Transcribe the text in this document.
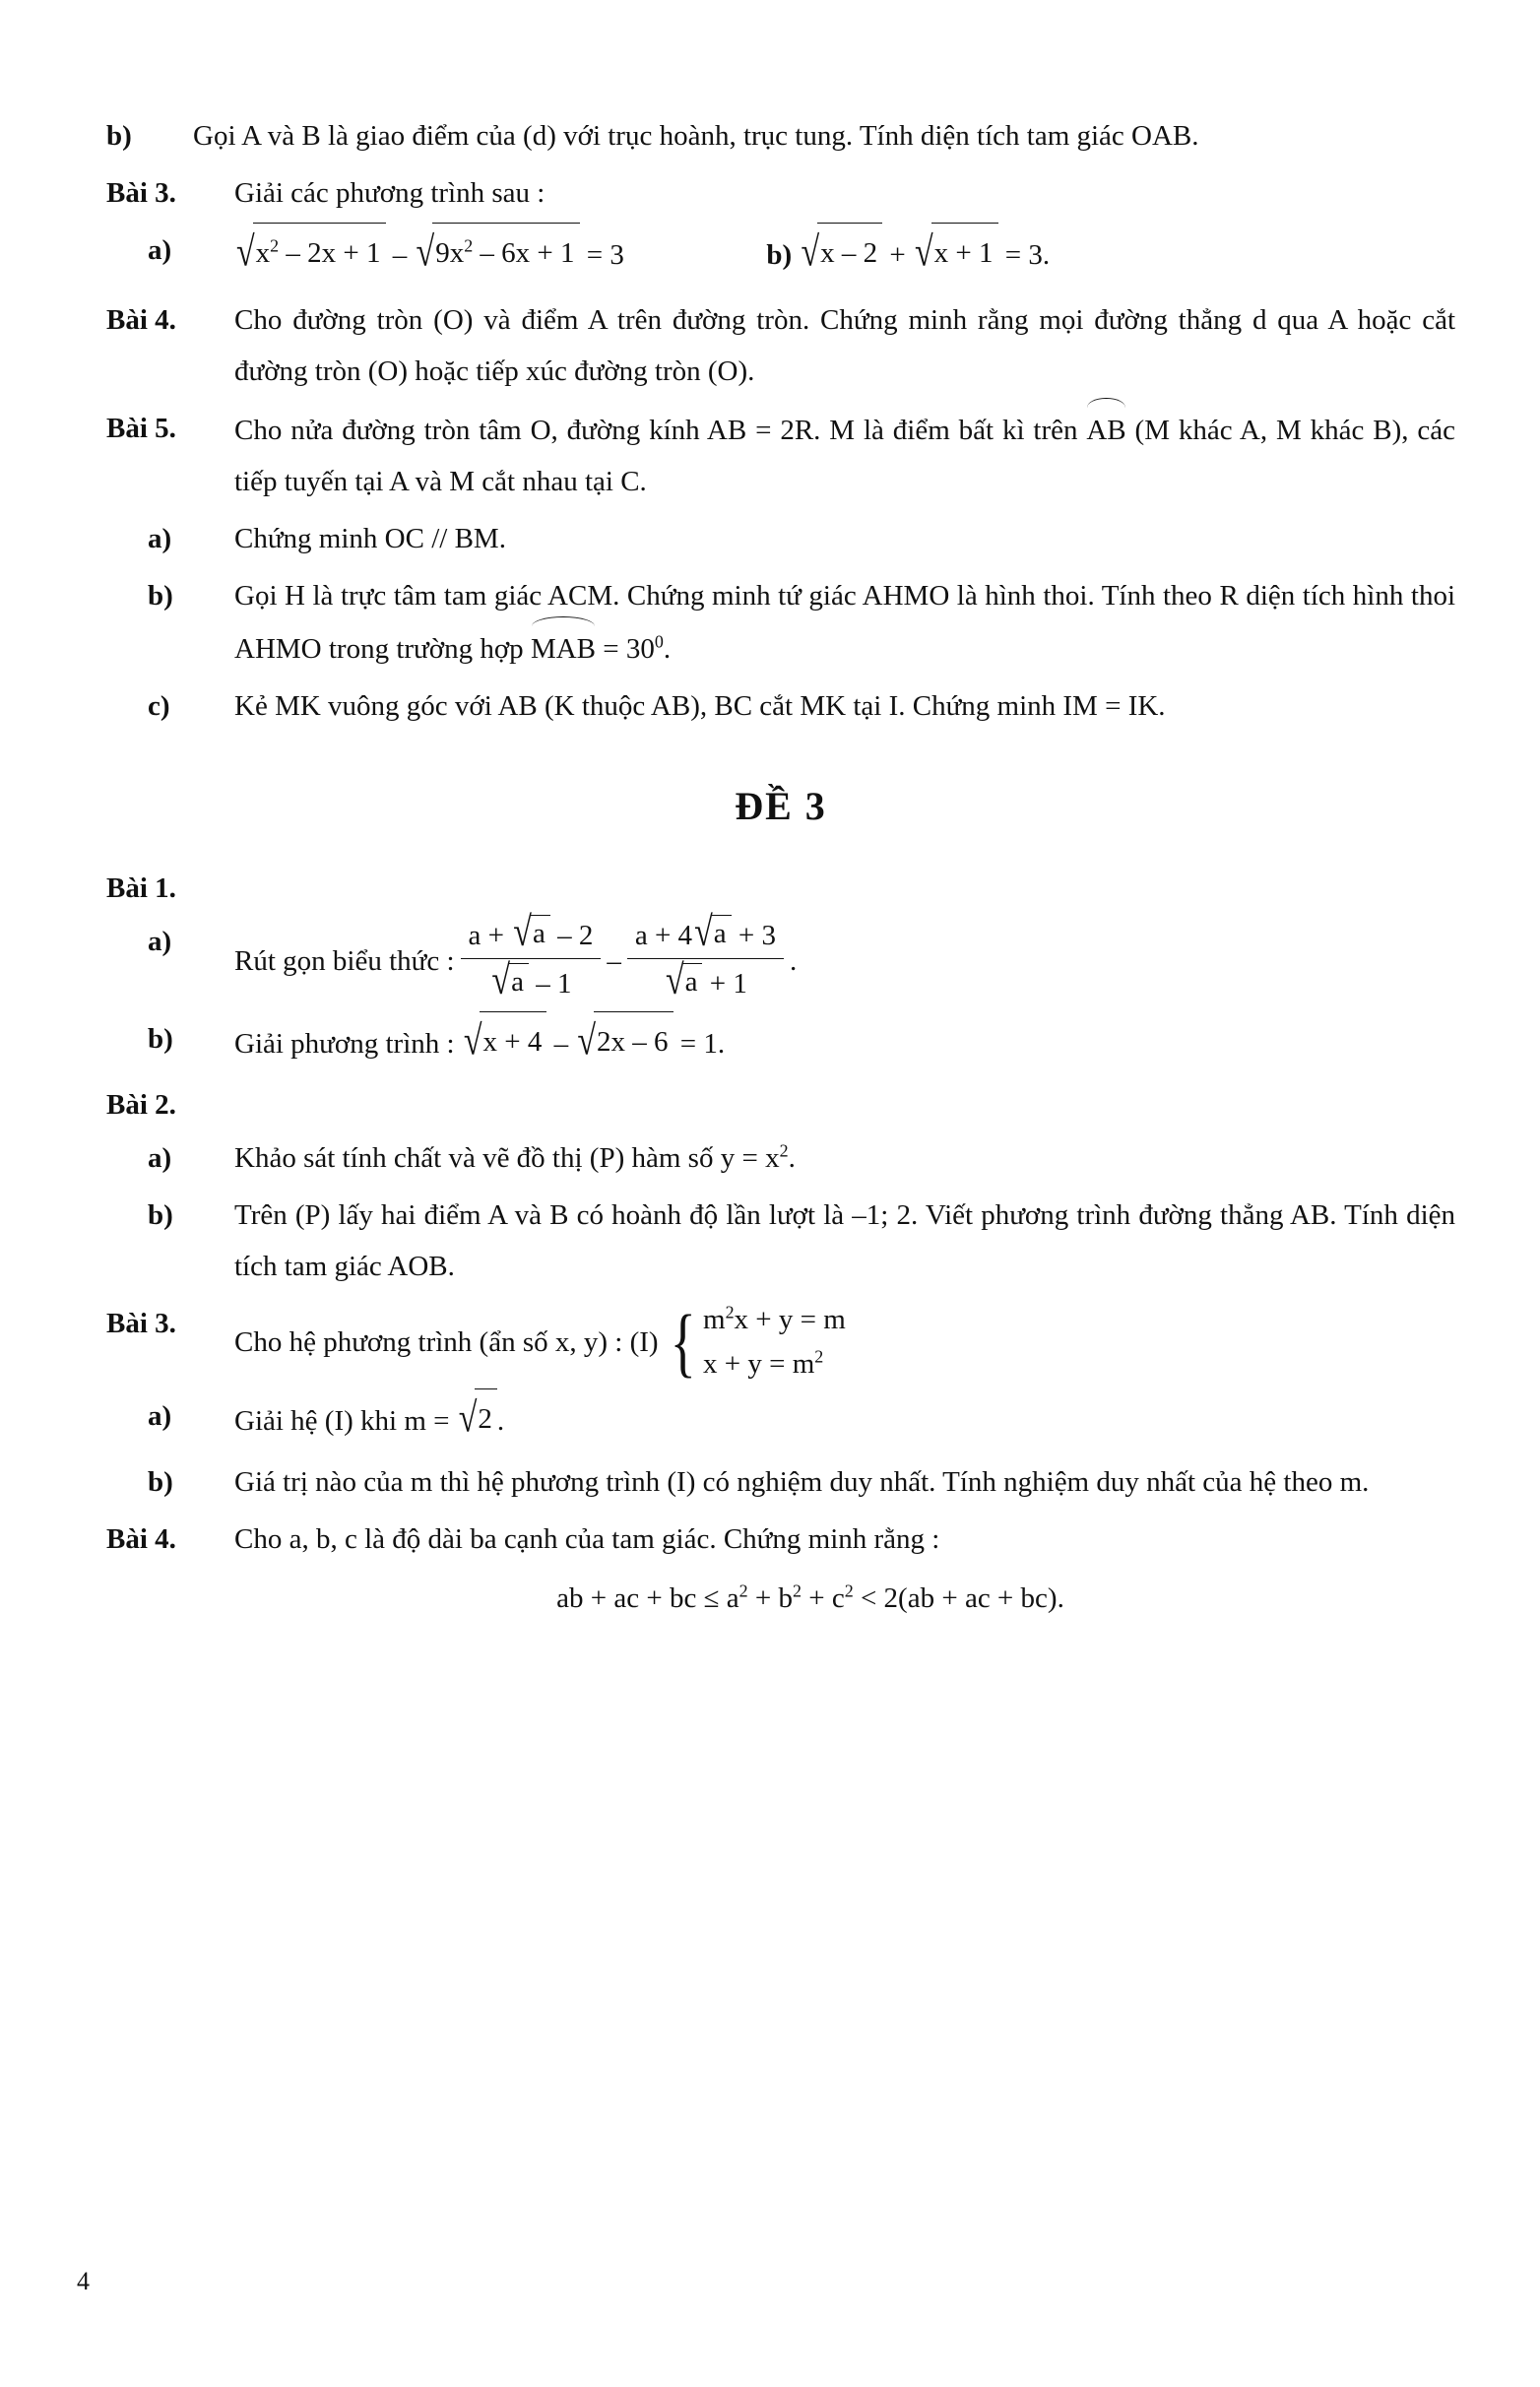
b)	Gọi A và B là giao điểm của (d) với trục hoành, trục tung. Tính diện tích tam giác OAB.
Bài 3.	Giải các phương trình sau :
a)	$√x^2 - 2x + 1 - √9x^2 - 6x + 1 = 3$	b) √x – 2 + √x + 1 = 3.
Bài 4.	Cho đường tròn (O) và điểm A trên đường tròn. Chứng minh rằng mọi đường thẳng d qua A hoặc cắt đường tròn (O) hoặc tiếp xúc đường tròn (O).
Bài 5.	Cho nửa đường tròn tâm O, đường kính AB = 2R. M là điểm bất kì trên AB (M khác A, M khác B), các tiếp tuyến tại A và M cắt nhau tại C.
a)	Chứng minh OC // BM.
b)	Gọi H là trực tâm tam giác ACM. Chứng minh tứ giác AHMO là hình thoi. Tính theo R diện tích hình thoi AHMO trong trường hợp MAB = $30^0$.
c)	Kẻ MK vuông góc với AB (K thuộc AB), BC cắt MK tại I. Chứng minh IM = IK.
ĐỀ 3
Bài 1.
a)
Rút gọn biểu thức : $\frac{a + √a - 2}{√a - 1} - \frac{a + 4√a + 3}{√a + 1}$ .
b)	Giải phương trình : √x + 4 – √2x – 6 = 1.
Bài 2.
a)	Khảo sát tính chất và vẽ đồ thị (P) hàm số $y = x^2$.
b)	Trên (P) lấy hai điểm A và B có hoành độ lần lượt là –1; 2. Viết phương trình đường thẳng AB. Tính diện tích tam giác AOB.
Bài 3.
Cho hệ phương trình (ẩn số x, y) : (I) { $m^2x + y = m$
$x + y = m^2$
a)	Giải hệ (I) khi m = √2 .
b)	Giá trị nào của m thì hệ phương trình (I) có nghiệm duy nhất. Tính nghiệm duy nhất của hệ theo m.
Bài 4.	Cho a, b, c là độ dài ba cạnh của tam giác. Chứng minh rằng :
ab + ac + bc ≤ $a^2 + b^2 + c^2 < 2(ab$ + ac + bc).
4
